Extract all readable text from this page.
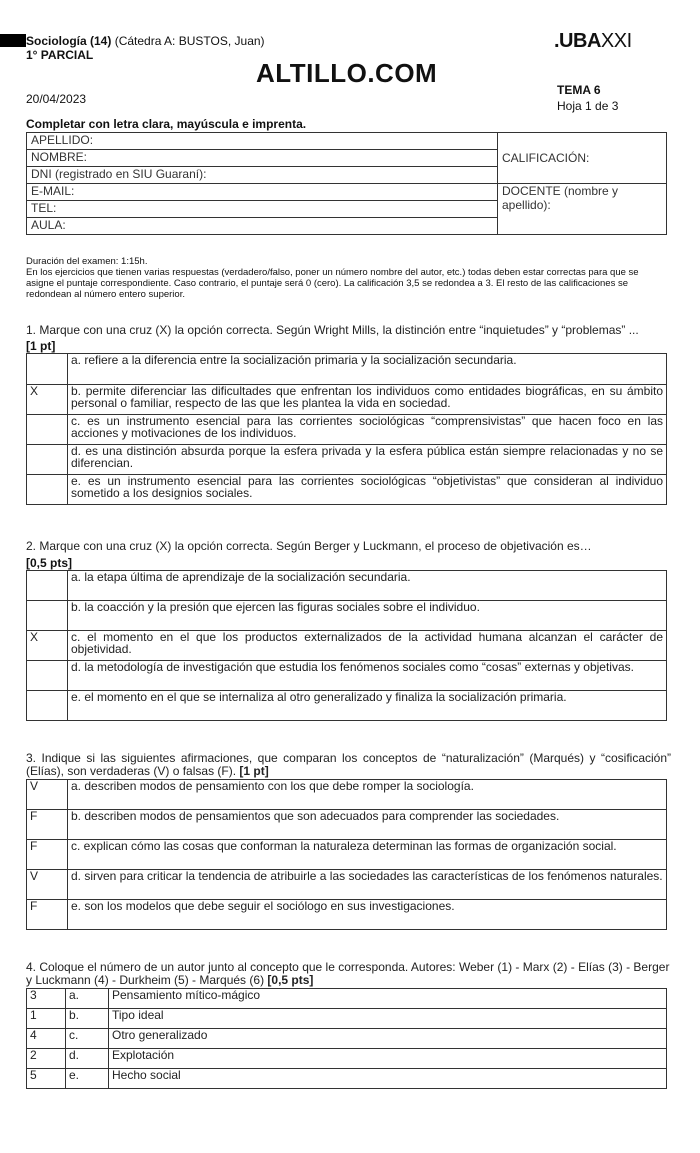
Sociología (14) (Cátedra A: BUSTOS, Juan)
1° PARCIAL
ALTILLO.COM
.UBAXXI
20/04/2023
TEMA 6
Hoja 1 de 3
Completar con letra clara, mayúscula e imprenta.
APELLIDO:	CALIFICACIÓN:
NOMBRE:	
DNI (registrado en SIU Guaraní):	
E-MAIL:	DOCENTE (nombre y apellido):
TEL:	
AULA:	

Duración del examen: 1:15h.

En los ejercicios que tienen varias respuestas (verdadero/falso, poner un número nombre del autor, etc.) todas deben estar correctas para que se asigne el puntaje correspondiente. Caso contrario, el puntaje será 0 (cero). La calificación 3,5 se redondea a 3. El resto de las calificaciones se redondean al número entero superior.

1. Marque con una cruz (X) la opción correcta. Según Wright Mills, la distinción entre “inquietudes” y “problemas” ...
[1 pt]
	a. refiere a la diferencia entre la socialización primaria y la socialización secundaria.
X	b. permite diferenciar las dificultades que enfrentan los individuos como entidades biográficas, en su ámbito personal o familiar, respecto de las que les plantea la vida en sociedad.
	c. es un instrumento esencial para las corrientes sociológicas “comprensivistas” que hacen foco en las acciones y motivaciones de los individuos.
	d. es una distinción absurda porque la esfera privada y la esfera pública están siempre relacionadas y no se diferencian.
	e. es un instrumento esencial para las corrientes sociológicas “objetivistas” que consideran al individuo sometido a los designios sociales.
2. Marque con una cruz (X) la opción correcta. Según Berger y Luckmann, el proceso de objetivación es…
[0,5 pts]
	a. la etapa última de aprendizaje de la socialización secundaria.
	b. la coacción y la presión que ejercen las figuras sociales sobre el individuo.
X	c. el momento en el que los productos externalizados de la actividad humana alcanzan el carácter de objetividad.
	d. la metodología de investigación que estudia los fenómenos sociales como “cosas” externas y objetivas.
	e. el momento en el que se internaliza al otro generalizado y finaliza la socialización primaria.
3. Indique si las siguientes afirmaciones, que comparan los conceptos de “naturalización” (Marqués) y “cosificación” (Elías), son verdaderas (V) o falsas (F). [1 pt]
V	a. describen modos de pensamiento con los que debe romper la sociología.
F	b. describen modos de pensamientos que son adecuados para comprender las sociedades.
F	c. explican cómo las cosas que conforman la naturaleza determinan las formas de organización social.
V	d. sirven para criticar la tendencia de atribuirle a las sociedades las características de los fenómenos naturales.
F	e. son los modelos que debe seguir el sociólogo en sus investigaciones.
4. Coloque el número de un autor junto al concepto que le corresponda. Autores: Weber (1) - Marx (2) - Elías (3) - Berger y Luckmann (4) - Durkheim (5) - Marqués (6) [0,5 pts]
3	a.	Pensamiento mítico-mágico
1	b.	Tipo ideal
4	c.	Otro generalizado
2	d.	Explotación
5	e.	Hecho social
